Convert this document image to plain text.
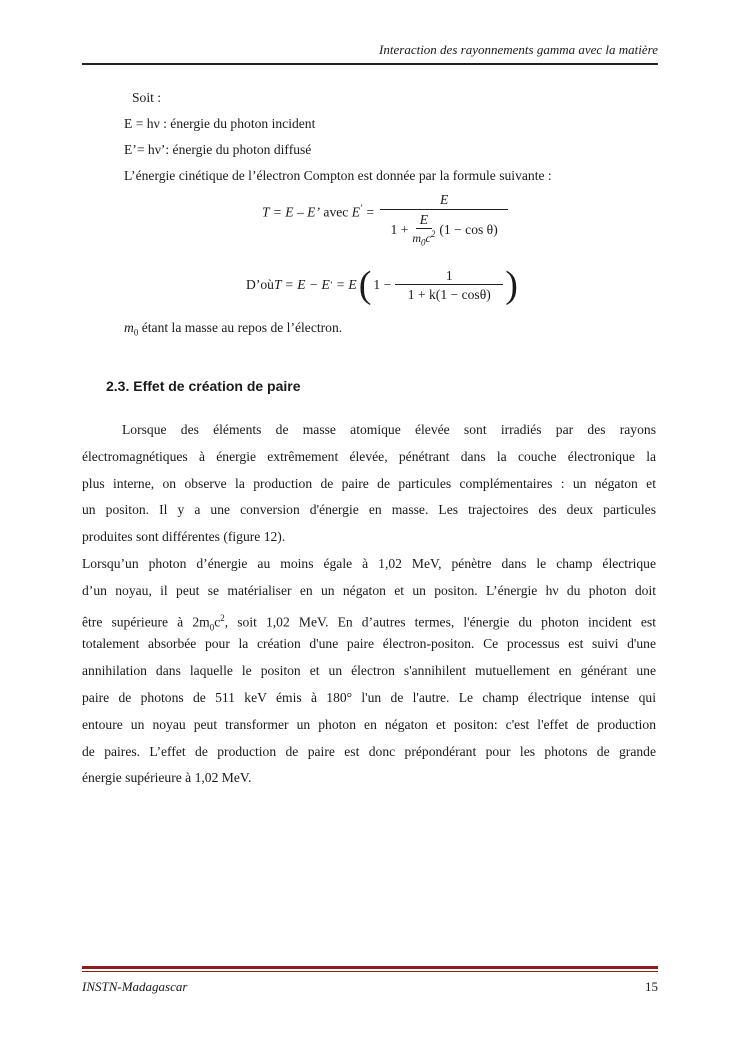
Interaction des rayonnements gamma avec la matière
Soit :
E = hν : énergie du photon incident
E’= hν’: énergie du photon diffusé
L’énergie cinétique de l’électron Compton est donnée par la formule suivante :
T = E – E’ avec E’ =
E
$1 + \frac{E}{m_0c^2} (1 - \cos \theta)$
D’où T = E − E ’ = E ( $1 - \frac{1}{1 + k(1 - \cos\theta)}$ )
$m_0$ étant la masse au repos de l’électron.
2.3. Effet de création de paire
Lorsque des éléments de masse atomique élevée sont irradiés par des rayons
électromagnétiques à énergie extrêmement élevée, pénétrant dans la couche électronique la
plus interne, on observe la production de paire de particules complémentaires : un négaton et
un positon. Il y a une conversion d'énergie en masse. Les trajectoires des deux particules
produites sont différentes (figure 12).
Lorsqu’un photon d’énergie au moins égale à 1,02 MeV, pénètre dans le champ électrique
d’un noyau, il peut se matérialiser en un négaton et un positon. L’énergie hν du photon doit
être supérieure à $2m_0c^2$, soit 1,02 MeV. En d’autres termes, l'énergie du photon incident est
totalement absorbée pour la création d'une paire électron-positon. Ce processus est suivi d'une
annihilation dans laquelle le positon et un électron s'annihilent mutuellement en générant une
paire de photons de 511 keV émis à 180° l'un de l'autre. Le champ électrique intense qui
entoure un noyau peut transformer un photon en négaton et positon: c'est l'effet de production
de paires. L’effet de production de paire est donc prépondérant pour les photons de grande
énergie supérieure à 1,02 MeV.
INSTN-Madagascar	15
